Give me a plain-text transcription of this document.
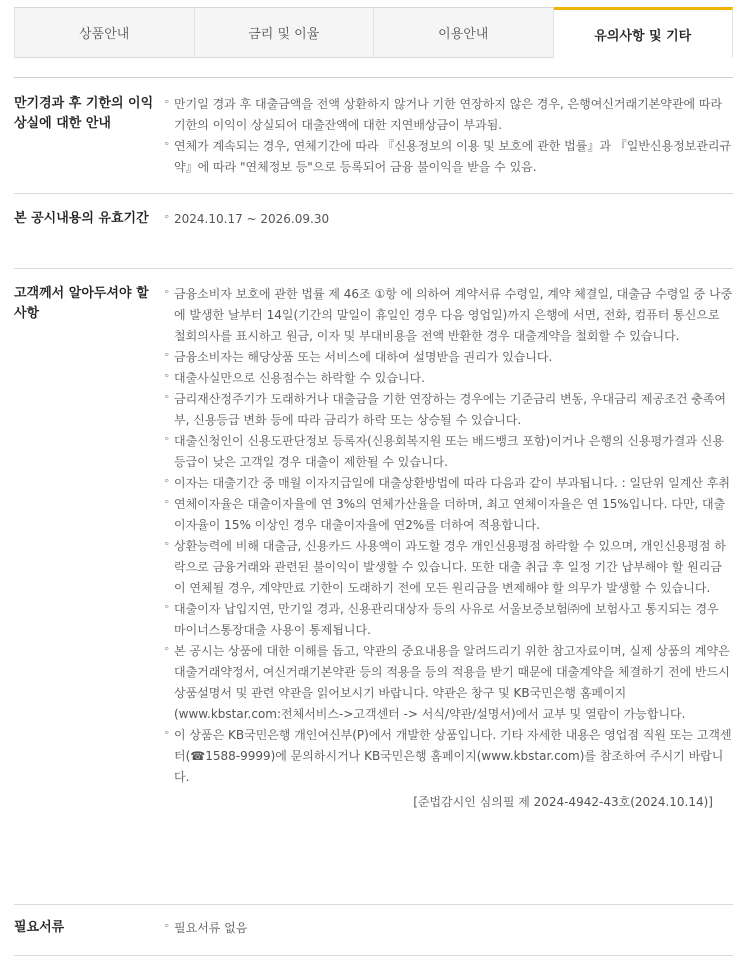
상품안내	금리 및 이율	이용안내	유의사항 및 기타
만기경과 후 기한의 이익 상실에 대한 안내
° 만기일 경과 후 대출금액을 전액 상환하지 않거나 기한 연장하지 않은 경우, 은행여신거래기본약관에 따라 기한의 이익이 상실되어 대출잔액에 대한 지연배상금이 부과됨.
° 연체가 계속되는 경우, 연체기간에 따라 『신용정보의 이용 및 보호에 관한 법률』과 『일반신용정보관리규약』에 따라 "연체정보 등"으로 등록되어 금융 불이익을 받을 수 있음.
본 공시내용의 유효기간	° 2024.10.17 ~ 2026.09.30
고객께서 알아두셔야 할 사항
° 금융소비자 보호에 관한 법률 제 46조 ①항 에 의하여 계약서류 수령일, 계약 체결일, 대출금 수령일 중 나중에 발생한 날부터 14일(기간의 말일이 휴일인 경우 다음 영업일)까지 은행에 서면, 전화, 컴퓨터 통신으로 철회의사를 표시하고 원금, 이자 및 부대비용을 전액 반환한 경우 대출계약을 철회할 수 있습니다.
° 금융소비자는 해당상품 또는 서비스에 대하여 설명받을 권리가 있습니다.
° 대출사실만으로 신용점수는 하락할 수 있습니다.
° 금리재산정주기가 도래하거나 대출금을 기한 연장하는 경우에는 기준금리 변동, 우대금리 제공조건 충족여부, 신용등급 변화 등에 따라 금리가 하락 또는 상승될 수 있습니다.
° 대출신청인이 신용도판단정보 등록자(신용회복지원 또는 배드뱅크 포함)이거나 은행의 신용평가결과 신용등급이 낮은 고객일 경우 대출이 제한될 수 있습니다.
° 이자는 대출기간 중 매월 이자지급일에 대출상환방법에 따라 다음과 같이 부과됩니다. : 일단위 일계산 후취
° 연체이자율은 대출이자율에 연 3%의 연체가산율을 더하며, 최고 연체이자율은 연 15%입니다. 다만, 대출이자율이 15% 이상인 경우 대출이자율에 연2%를 더하여 적용합니다.
° 상환능력에 비해 대출금, 신용카드 사용액이 과도할 경우 개인신용평점 하락할 수 있으며, 개인신용평점 하락으로 금융거래와 관련된 불이익이 발생할 수 있습니다. 또한 대출 취급 후 일정 기간 납부해야 할 원리금이 연체될 경우, 계약만료 기한이 도래하기 전에 모든 원리금을 변제해야 할 의무가 발생할 수 있습니다.
° 대출이자 납입지연, 만기일 경과, 신용관리대상자 등의 사유로 서울보증보험㈜에 보험사고 통지되는 경우 마이너스통장대출 사용이 통제됩니다.
° 본 공시는 상품에 대한 이해를 돕고, 약관의 중요내용을 알려드리기 위한 참고자료이며, 실제 상품의 계약은 대출거래약정서, 여신거래기본약관 등의 적용을 등의 적용을 받기 때문에 대출계약을 체결하기 전에 반드시 상품설명서 및 관련 약관을 읽어보시기 바랍니다. 약관은 창구 및 KB국민은행 홈페이지(www.kbstar.com:전체서비스->고객센터 -> 서식/약관/설명서)에서 교부 및 열람이 가능합니다.
° 이 상품은 KB국민은행 개인여신부(P)에서 개발한 상품입니다. 기타 자세한 내용은 영업점 직원 또는 고객센터(☎1588-9999)에 문의하시거나 KB국민은행 홈페이지(www.kbstar.com)를 참조하여 주시기 바랍니다.
[준법감시인 심의필 제 2024-4942-43호(2024.10.14)]
필요서류	° 필요서류 없음
